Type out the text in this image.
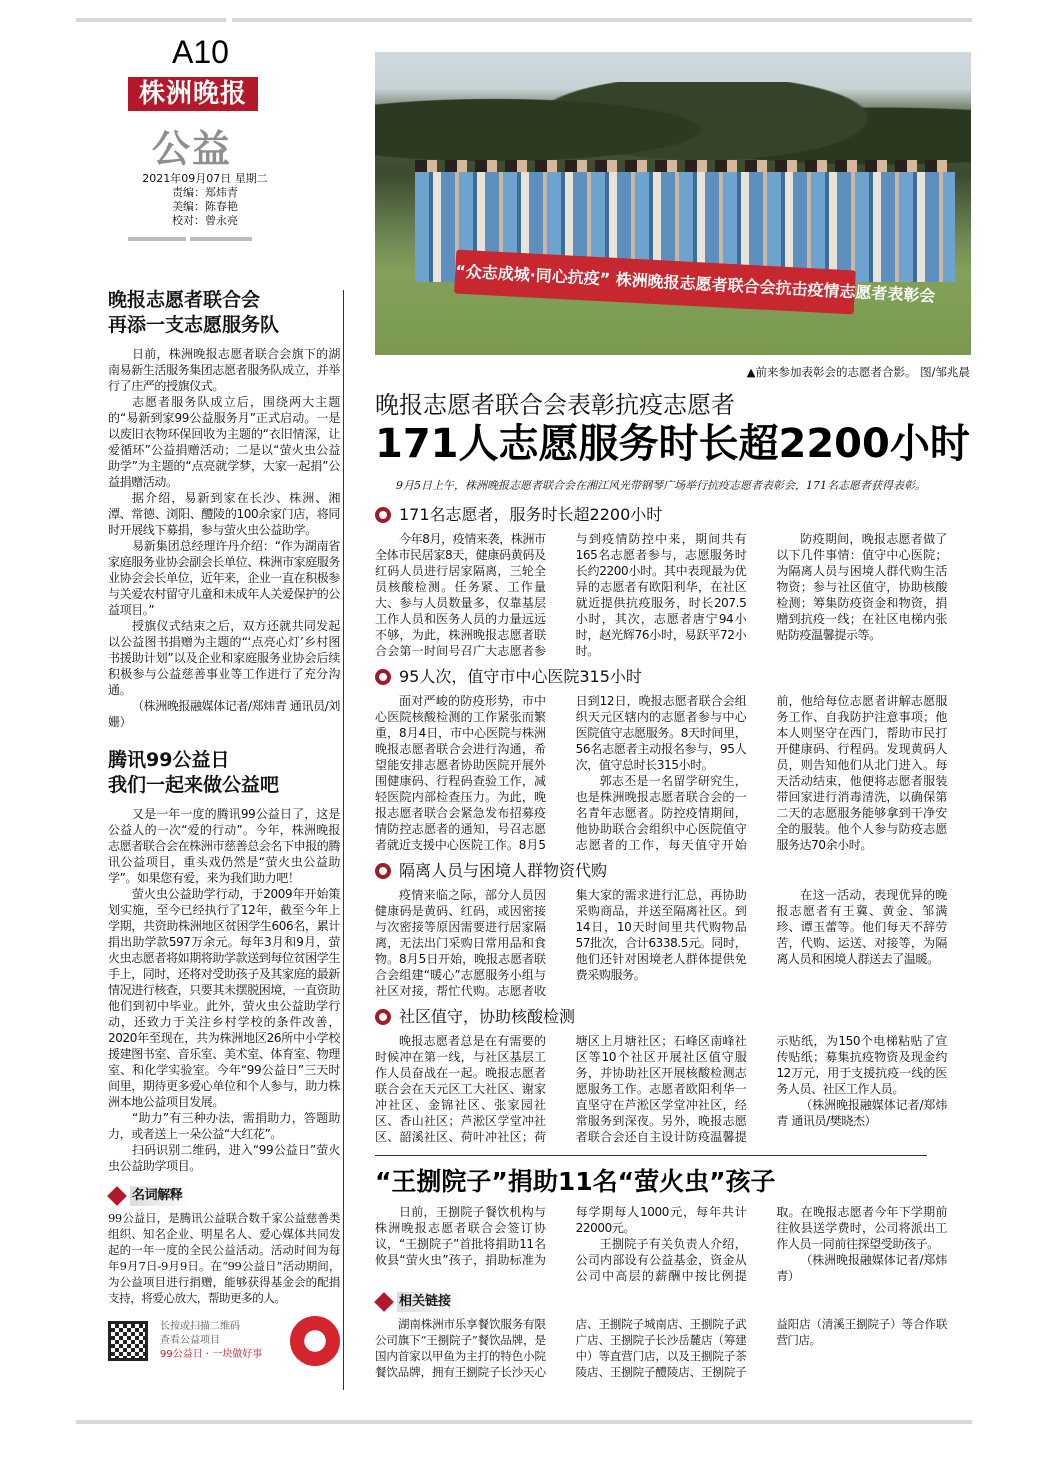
A10
株洲晚报
公益
2021年09月07日 星期二
责编：郑炜青
美编：陈春艳
校对：曾永亮
晚报志愿者联合会
再添一支志愿服务队

日前，株洲晚报志愿者联合会旗下的湖南易新生活服务集团志愿者服务队成立，并举行了庄严的授旗仪式。

志愿者服务队成立后，围绕两大主题的“易新到家99公益服务月”正式启动。一是以废旧衣物环保回收为主题的“衣旧情深，让爱循环”公益捐赠活动；二是以“萤火虫公益助学”为主题的“点亮就学梦，大家一起捐”公益捐赠活动。

据介绍，易新到家在长沙、株洲、湘潭、常德、浏阳、醴陵的100余家门店，将同时开展线下募捐，参与萤火虫公益助学。

易新集团总经理许丹介绍：“作为湖南省家庭服务业协会副会长单位、株洲市家庭服务业协会会长单位，近年来，企业一直在积极参与关爱农村留守儿童和未成年人关爱保护的公益项目。”

授旗仪式结束之后，双方还就共同发起以公益图书捐赠为主题的“‘点亮心灯’乡村图书援助计划”以及企业和家庭服务业协会后续积极参与公益慈善事业等工作进行了充分沟通。

（株洲晚报融媒体记者/郑炜青 通讯员/刘姗）

腾讯99公益日
我们一起来做公益吧

又是一年一度的腾讯99公益日了，这是公益人的一次“爱的行动”。今年，株洲晚报志愿者联合会在株洲市慈善总会名下申报的腾讯公益项目，重头戏仍然是“萤火虫公益助学”。如果您有爱，来为我们助力吧！

萤火虫公益助学行动，于2009年开始策划实施，至今已经执行了12年，截至今年上学期，共资助株洲地区贫困学生606名，累计捐出助学款597万余元。每年3月和9月，萤火虫志愿者将如期将助学款送到每位贫困学生手上，同时，还将对受助孩子及其家庭的最新情况进行核查，只要其未摆脱困境，一直资助他们到初中毕业。此外，萤火虫公益助学行动，还致力于关注乡村学校的条件改善，2020年至现在，共为株洲地区26所中小学校援建图书室、音乐室、美术室、体育室、物理室、和化学实验室。今年“99公益日”三天时间里，期待更多爱心单位和个人参与，助力株洲本地公益项目发展。

“助力”有三种办法，需捐助力，答题助力，或者送上一朵公益“大红花”。

扫码识别二维码，进入“99公益日”萤火虫公益助学项目。

名词解释
99公益日，是腾讯公益联合数千家公益慈善类组织、知名企业、明星名人、爱心媒体共同发起的一年一度的全民公益活动。活动时间为每年9月7日-9月9日。在“99公益日”活动期间，为公益项目进行捐赠，能够获得基金会的配捐支持，将爱心放大，帮助更多的人。
长按或扫描二维码
查看公益项目
99公益日 · 一块做好事
“众志成城·同心抗疫” 株洲晚报志愿者联合会抗击疫情志愿者表彰会
▲前来参加表彰会的志愿者合影。 图/邹兆晨
晚报志愿者联合会表彰抗疫志愿者
171人志愿服务时长超2200小时
9月5日上午，株洲晚报志愿者联合会在湘江风光带钢琴广场举行抗疫志愿者表彰会，171名志愿者获得表彰。
171名志愿者，服务时长超2200小时

今年8月，疫情来袭，株洲市全体市民居家8天，健康码黄码及红码人员进行居家隔离，三轮全员核酸检测。任务紧、工作量大、参与人员数量多，仅靠基层工作人员和医务人员的力量远远不够，为此，株洲晚报志愿者联合会第一时间号召广大志愿者参与到疫情防控中来，期间共有165名志愿者参与，志愿服务时长约2200小时。其中表现最为优异的志愿者有欧阳利华，在社区就近提供抗疫服务，时长207.5小时，其次，志愿者唐宁94小时，赵光辉76小时，易跃平72小时。

防疫期间，晚报志愿者做了以下几件事情：值守中心医院；为隔离人员与困境人群代购生活物资；参与社区值守，协助核酸检测；筹集防疫资金和物资，捐赠到抗疫一线；在社区电梯内张贴防疫温馨提示等。

95人次，值守市中心医院315小时

面对严峻的防疫形势，市中心医院核酸检测的工作紧张而繁重，8月4日，市中心医院与株洲晚报志愿者联合会进行沟通，希望能安排志愿者协助医院开展外围健康码、行程码查验工作，减轻医院内部检查压力。为此，晚报志愿者联合会紧急发布招募疫情防控志愿者的通知，号召志愿者就近支援中心医院工作。8月5日到12日，晚报志愿者联合会组织天元区辖内的志愿者参与中心医院值守志愿服务。8天时间里，56名志愿者主动报名参与，95人次，值守总时长315小时。

郭志丕是一名留学研究生，也是株洲晚报志愿者联合会的一名青年志愿者。防控疫情期间，他协助联合会组织中心医院值守志愿者的工作，每天值守开始前，他给每位志愿者讲解志愿服务工作、自我防护注意事项；他本人则坚守在西门，帮助市民打开健康码、行程码。发现黄码人员，则告知他们从北门进入。每天活动结束，他便将志愿者服装带回家进行消毒清洗，以确保第二天的志愿服务能够拿到干净安全的服装。他个人参与防疫志愿服务达70余小时。

隔离人员与困境人群物资代购

疫情来临之际，部分人员因健康码是黄码、红码，或因密接与次密接等原因需要进行居家隔离，无法出门采购日常用品和食物。8月5日开始，晚报志愿者联合会组建“暖心”志愿服务小组与社区对接，帮忙代购。志愿者收集大家的需求进行汇总，再协助采购商品，并送至隔离社区。到14日，10天时间里共代购物品57批次，合计6338.5元。同时，他们还针对困境老人群体提供免费采购服务。

在这一活动，表现优异的晚报志愿者有王冀、黄金、邹满珍、谭玉蕾等。他们每天不辞劳苦，代购、运送、对接等，为隔离人员和困境人群送去了温暖。

社区值守，协助核酸检测

晚报志愿者总是在有需要的时候冲在第一线，与社区基层工作人员奋战在一起。晚报志愿者联合会在天元区工大社区、谢家冲社区、金锦社区、张家园社区、香山社区；芦淞区学堂冲社区、韶溪社区、荷叶冲社区；荷塘区上月塘社区；石峰区南峰社区等10个社区开展社区值守服务，并协助社区开展核酸检测志愿服务工作。志愿者欧阳利华一直坚守在芦淞区学堂冲社区，经常服务到深夜。另外，晚报志愿者联合会还自主设计防疫温馨提示贴纸，为150个电梯粘贴了宣传贴纸；募集抗疫物资及现金约12万元，用于支援抗疫一线的医务人员、社区工作人员。

（株洲晚报融媒体记者/郑炜青 通讯员/樊晓杰）

“王捌院子”捐助11名“萤火虫”孩子

日前，王捌院子餐饮机构与株洲晚报志愿者联合会签订协议，“王捌院子”首批将捐助11名攸县“萤火虫”孩子，捐助标准为每学期每人1000元，每年共计22000元。

王捌院子有关负责人介绍，公司内部设有公益基金，资金从公司中高层的薪酬中按比例提取。在晚报志愿者今年下学期前往攸县送学费时，公司将派出工作人员一同前往探望受助孩子。

（株洲晚报融媒体记者/郑炜青）

相关链接

湖南株洲市乐享餐饮服务有限公司旗下“王捌院子”餐饮品牌，是国内首家以甲鱼为主打的特色小院餐饮品牌，拥有王捌院子长沙天心店、王捌院子城南店、王捌院子武广店、王捌院子长沙岳麓店（筹建中）等直营门店，以及王捌院子茶陵店、王捌院子醴陵店、王捌院子益阳店（清溪王捌院子）等合作联营门店。
